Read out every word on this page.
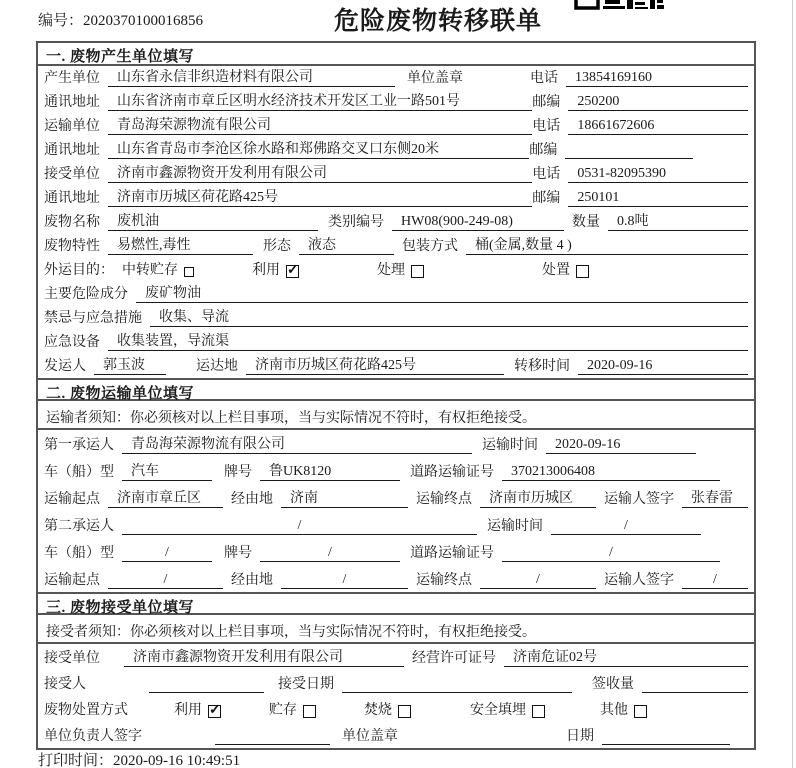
编号：2020370100016856	危险废物转移联单
一. 废物产生单位填写
产生单位	山东省永信非织造材料有限公司	单位盖章	电话	13854169160
通讯地址	山东省济南市章丘区明水经济技术开发区工业一路501号	邮编	250200
运输单位	青岛海荣源物流有限公司	电话	18661672606
通讯地址	山东省青岛市李沧区徐水路和郑佛路交叉口东侧20米	邮编
接受单位	济南市鑫源物资开发利用有限公司	电话	0531-82095390
通讯地址	济南市历城区荷花路425号	邮编	250101
废物名称	废机油	类别编号	HW08(900-249-08)	数量	0.8吨
废物特性	易燃性,毒性	形态	液态	包装方式	桶(金属,数量 4 )
外运目的： 中转贮存	利用 ✓	处理	处置
主要危险成分	废矿物油
禁忌与应急措施	收集、导流
应急设备	收集装置，导流渠
发运人	郭玉波	运达地	济南市历城区荷花路425号	转移时间	2020-09-16
二. 废物运输单位填写
运输者须知：你必须核对以上栏目事项，当与实际情况不符时，有权拒绝接受。
第一承运人	青岛海荣源物流有限公司	运输时间	2020-09-16
车（船）型	汽车	牌号	鲁UK8120	道路运输证号	370213006408
运输起点	济南市章丘区	经由地	济南	运输终点	济南市历城区	运输人签字	张春雷
第二承运人	/	运输时间	/
车（船）型	/	牌号	/	道路运输证号	/
运输起点	/	经由地	/	运输终点	/	运输人签字	/
三. 废物接受单位填写
接受者须知：你必须核对以上栏目事项，当与实际情况不符时，有权拒绝接受。
接受单位	济南市鑫源物资开发利用有限公司	经营许可证号	济南危证02号
接受人	接受日期	签收量
废物处置方式	利用 ✓	贮存	焚烧	安全填埋	其他
单位负责人签字	单位盖章	日期
打印时间：2020-09-16 10:49:51
